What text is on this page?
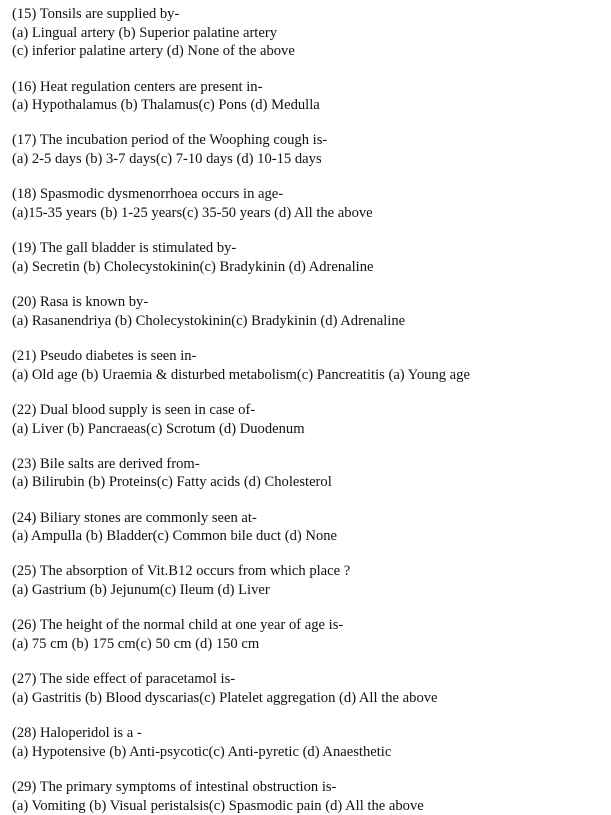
(15) Tonsils are supplied by-
(a) Lingual artery (b) Superior palatine artery
(c) inferior palatine artery (d) None of the above
(16) Heat regulation centers are present in-
(a) Hypothalamus (b) Thalamus(c) Pons (d) Medulla
(17) The incubation period of the Woophing cough is-
(a) 2-5 days (b) 3-7 days(c) 7-10 days (d) 10-15 days
(18) Spasmodic dysmenorrhoea occurs in age-
(a)15-35 years (b) 1-25 years(c) 35-50 years (d) All the above
(19) The gall bladder is stimulated by-
(a) Secretin (b) Cholecystokinin(c) Bradykinin (d) Adrenaline
(20) Rasa is known by-
(a) Rasanendriya (b) Cholecystokinin(c) Bradykinin (d) Adrenaline
(21) Pseudo diabetes is seen in-
(a) Old age (b) Uraemia & disturbed metabolism(c) Pancreatitis (a) Young age
(22) Dual blood supply is seen in case of-
(a) Liver (b) Pancraeas(c) Scrotum (d) Duodenum
(23) Bile salts are derived from-
(a) Bilirubin (b) Proteins(c) Fatty acids (d) Cholesterol
(24) Biliary stones are commonly seen at-
(a) Ampulla (b) Bladder(c) Common bile duct (d) None
(25) The absorption of Vit.B12 occurs from which place ?
(a) Gastrium (b) Jejunum(c) Ileum (d) Liver
(26) The height of the normal child at one year of age is-
(a) 75 cm (b) 175 cm(c) 50 cm (d) 150 cm
(27) The side effect of paracetamol is-
(a) Gastritis (b) Blood dyscarias(c) Platelet aggregation (d) All the above
(28) Haloperidol is a -
(a) Hypotensive (b) Anti-psycotic(c) Anti-pyretic (d) Anaesthetic
(29) The primary symptoms of intestinal obstruction is-
(a) Vomiting (b) Visual peristalsis(c) Spasmodic pain (d) All the above
